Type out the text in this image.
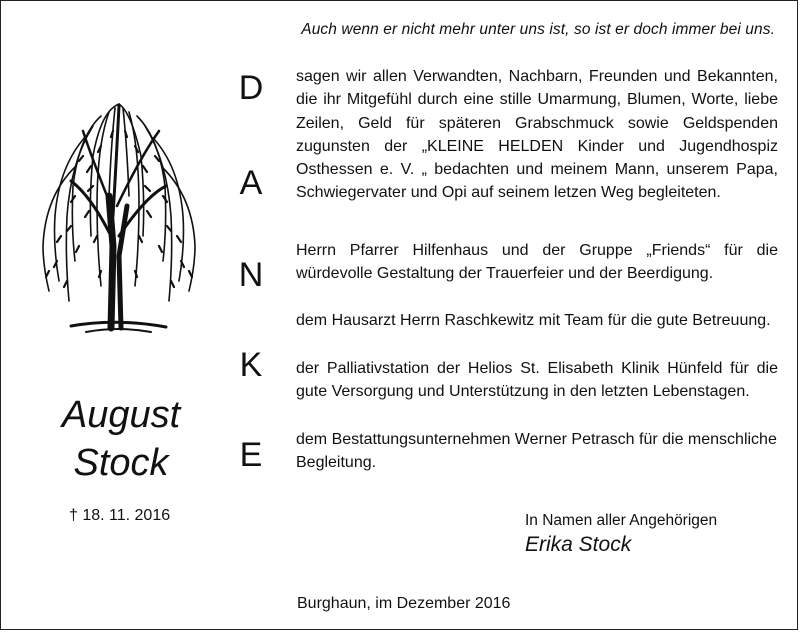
Auch wenn er nicht mehr unter uns ist, so ist er doch immer bei uns.
August
Stock
† 18. 11. 2016
D
A
N
K
E
sagen wir allen Verwandten, Nachbarn, Freunden und Bekannten, die ihr Mitgefühl durch eine stille Umarmung, Blumen, Worte, liebe Zeilen, Geld für späteren Grabschmuck sowie Geldspenden zugunsten der „KLEINE HELDEN Kinder und Jugendhospiz Osthessen e. V. „ bedachten und meinem Mann, unserem Papa, Schwiegervater und Opi auf seinem letzen Weg begleiteten.
Herrn Pfarrer Hilfenhaus und der Gruppe „Friends“ für die würdevolle Gestaltung der Trauerfeier und der Beerdigung.
dem Hausarzt Herrn Raschkewitz mit Team für die gute Betreuung.
der Palliativstation der Helios St. Elisabeth Klinik Hünfeld für die gute Versorgung und Unterstützung in den letzten Lebenstagen.
dem Bestattungsunternehmen Werner Petrasch für die menschliche Begleitung.
In Namen aller Angehörigen
Erika Stock
Burghaun, im Dezember 2016
